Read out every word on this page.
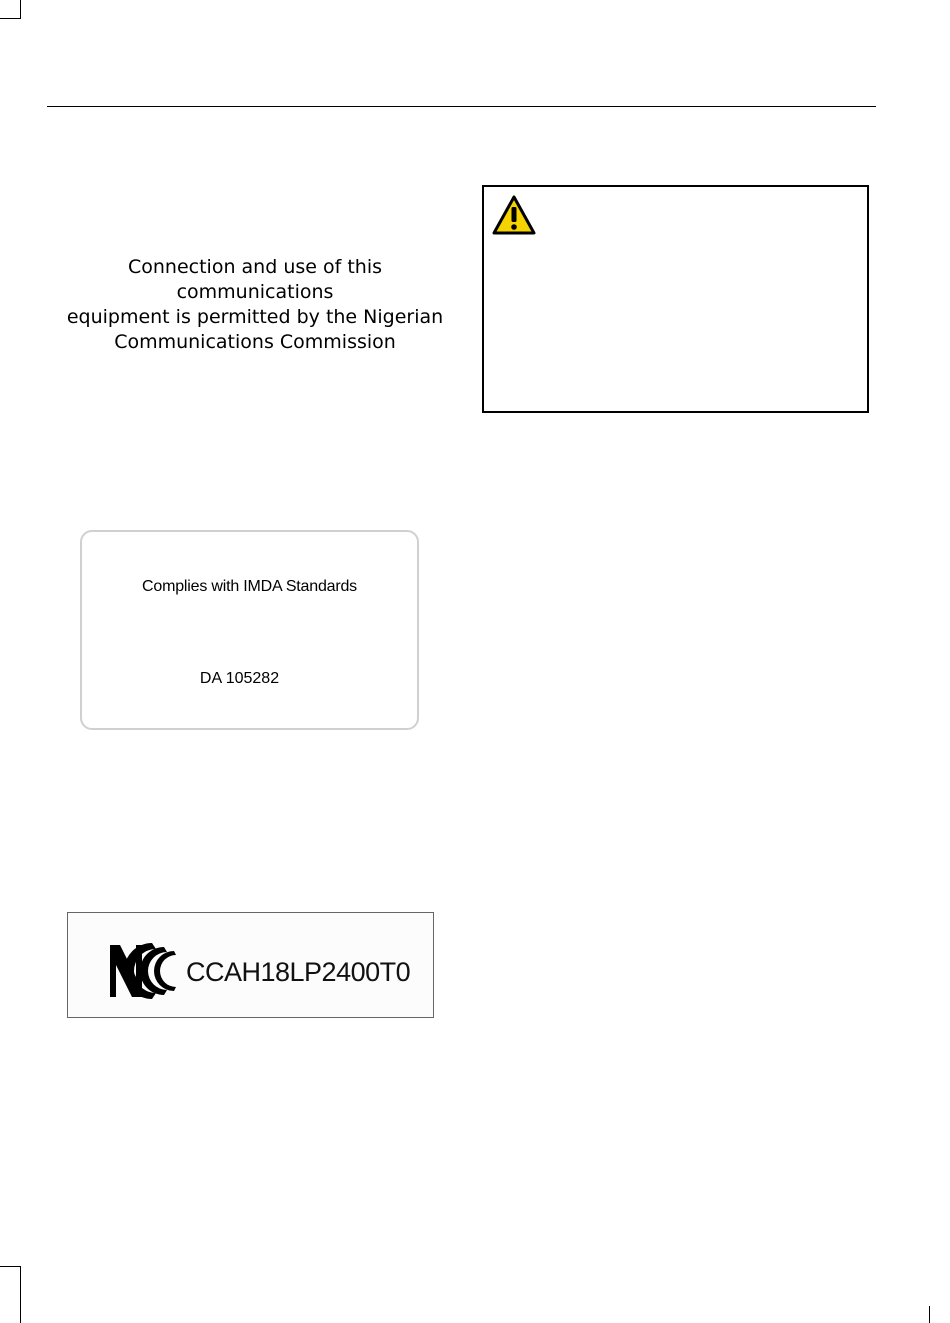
Connection and use of this
communications
equipment is permitted by the Nigerian
Communications Commission
Complies with IMDA Standards
DA 105282
CCAH18LP2400T0
